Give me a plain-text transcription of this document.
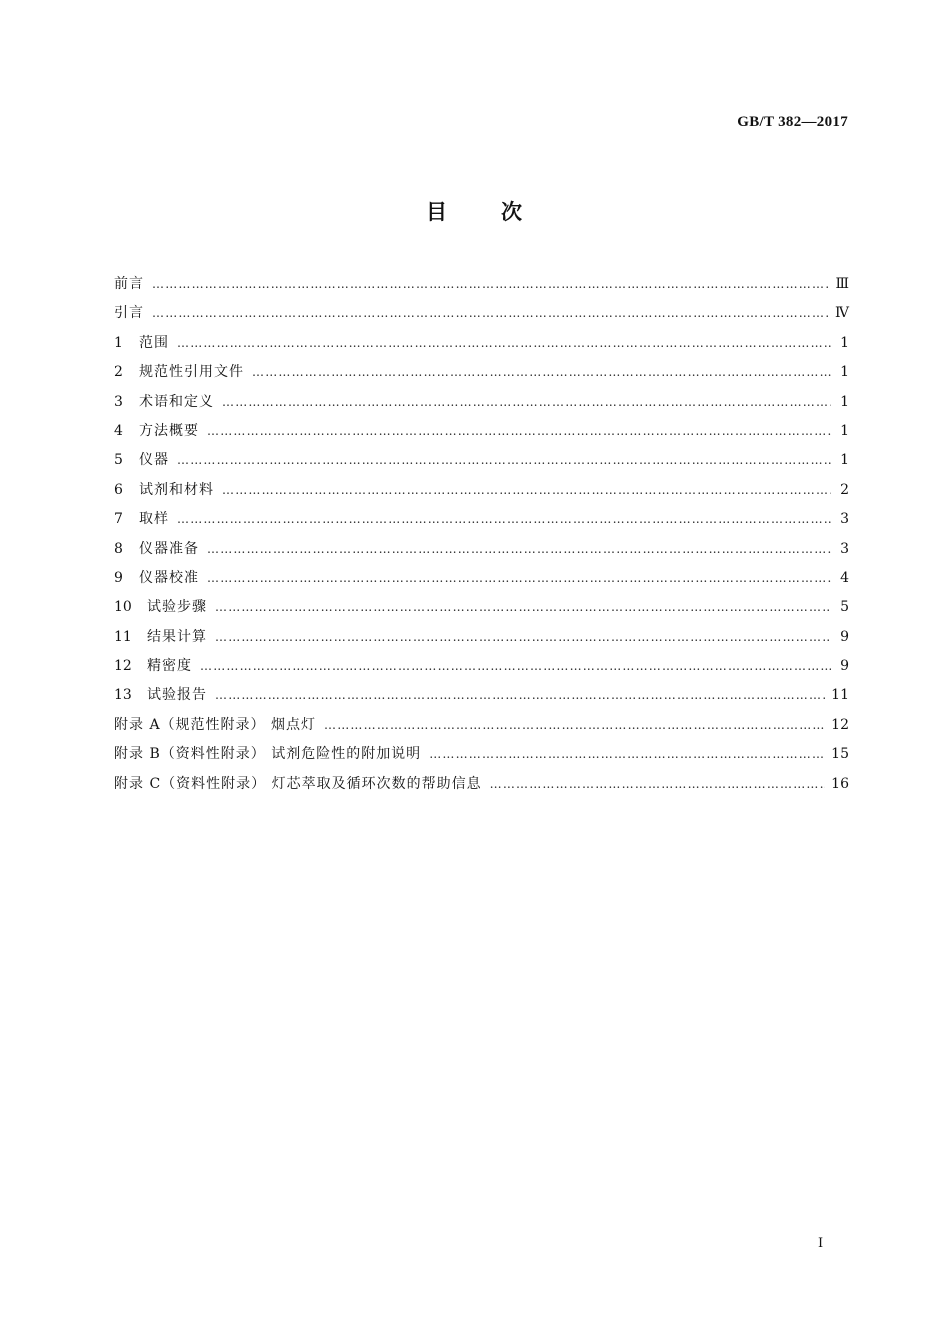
GB/T 382—2017
目 次
前言 ………………………………………………………………………………………………………………………………………………………………………………………………………………	Ⅲ
引言 ………………………………………………………………………………………………………………………………………………………………………………………………………………	Ⅳ
1 范围 ………………………………………………………………………………………………………………………………………………………………………………………………………………	1
2 规范性引用文件 ………………………………………………………………………………………………………………………………………………………………………………………………………………	1
3 术语和定义 ………………………………………………………………………………………………………………………………………………………………………………………………………………	1
4 方法概要 ………………………………………………………………………………………………………………………………………………………………………………………………………………	1
5 仪器 ………………………………………………………………………………………………………………………………………………………………………………………………………………	1
6 试剂和材料 ………………………………………………………………………………………………………………………………………………………………………………………………………………	2
7 取样 ………………………………………………………………………………………………………………………………………………………………………………………………………………	3
8 仪器准备 ………………………………………………………………………………………………………………………………………………………………………………………………………………	3
9 仪器校准 ………………………………………………………………………………………………………………………………………………………………………………………………………………	4
10 试验步骤 ………………………………………………………………………………………………………………………………………………………………………………………………………………	5
11 结果计算 ………………………………………………………………………………………………………………………………………………………………………………………………………………	9
12 精密度 ………………………………………………………………………………………………………………………………………………………………………………………………………………	9
13 试验报告 ………………………………………………………………………………………………………………………………………………………………………………………………………………	11
附录 A（规范性附录） 烟点灯 ………………………………………………………………………………………………………………………………………………………………………………………………………………	12
附录 B（资料性附录） 试剂危险性的附加说明 ………………………………………………………………………………………………………………………………………………………………………………………………………………	15
附录 C（资料性附录） 灯芯萃取及循环次数的帮助信息 ………………………………………………………………………………………………………………………………………………………………………………………………………………	16
I
